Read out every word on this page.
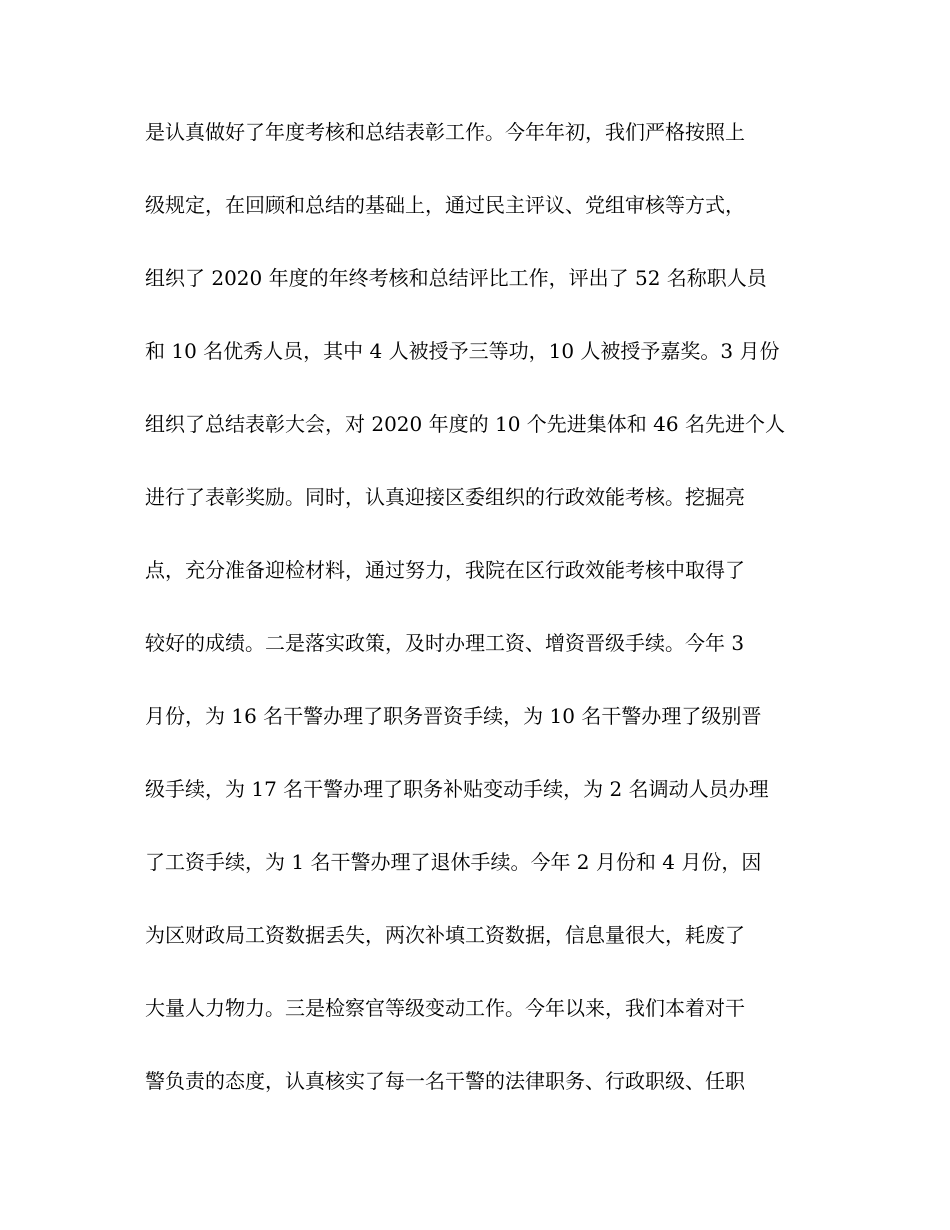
是认真做好了年度考核和总结表彰工作。今年年初，我们严格按照上
级规定，在回顾和总结的基础上，通过民主评议、党组审核等方式，
组织了 2020 年度的年终考核和总结评比工作，评出了 52 名称职人员
和 10 名优秀人员，其中 4 人被授予三等功，10 人被授予嘉奖。3 月份
组织了总结表彰大会，对 2020 年度的 10 个先进集体和 46 名先进个人
进行了表彰奖励。同时，认真迎接区委组织的行政效能考核。挖掘亮
点，充分准备迎检材料，通过努力，我院在区行政效能考核中取得了
较好的成绩。二是落实政策，及时办理工资、增资晋级手续。今年 3
月份，为 16 名干警办理了职务晋资手续，为 10 名干警办理了级别晋
级手续，为 17 名干警办理了职务补贴变动手续，为 2 名调动人员办理
了工资手续，为 1 名干警办理了退休手续。今年 2 月份和 4 月份，因
为区财政局工资数据丢失，两次补填工资数据，信息量很大，耗废了
大量人力物力。三是检察官等级变动工作。今年以来，我们本着对干
警负责的态度，认真核实了每一名干警的法律职务、行政职级、任职
